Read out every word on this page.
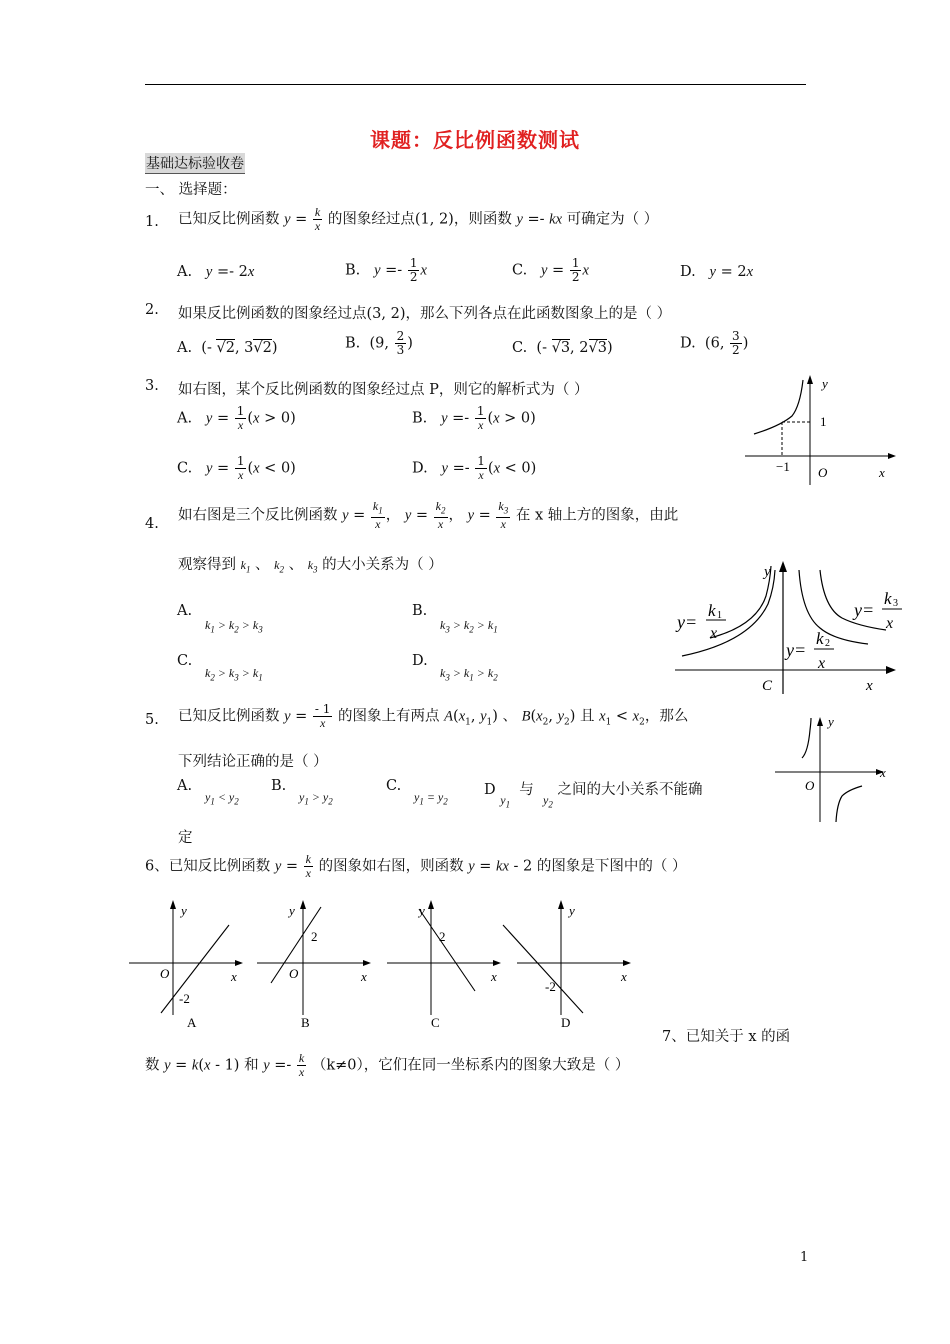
课题：反比例函数测试
基础达标验收卷
一、 选择题：
1. 已知反比例函数 $y = \frac{k}{x}$ 的图象经过点(1, 2)，则函数 y =- kx 可确定为（ ）
A. y =- 2x	B. $y =- \frac{1}{2}$ x	C. $y = \frac{1}{2}$ x	D. y = 2x
2. 如果反比例函数的图象经过点(3, 2)，那么下列各点在此函数图象上的是（ ）
A.  (- √2, 3√2)	B.  (9, $\frac{2}{3}$ )	C.  (- √3, 2√3)	D.  (6, $\frac{3}{2}$ )
3. 如右图，某个反比例函数的图象经过点 P，则它的解析式为（ ）
A. $y = \frac{1}{x} (x > 0)$	B. $y =- \frac{1}{x} (x > 0)$
C. $y = \frac{1}{x} (x < 0)$	D. $y =- \frac{1}{x} (x < 0)$
y
1
−1 O	x
4.
如右图是三个反比例函数 $y = \frac{k_1}{x}$ ， $y = \frac{k_2}{x}$ ， $y = \frac{k_3}{x}$ 在 x 轴上方的图象，由此
观察得到 $k_1$ 、 $k_2$ 、 $k_3$ 的大小关系为（ ）
A.
$k_1 > k_2 > k_3$
B.
$k_3 > k_2 > k_1$
C.
$k_2 > k_3 > k_1$
D.
$k_3 > k_1 > k_2$
y
y=
k 1
x
y=
k 2
x
y=
k 3
x
C	x
5. 已知反比例函数 $y = \frac{- 1}{x}$ 的图象上有两点 $A(x_1$, $y_1$) 、 $B(x_2$, $y_2$) 且 $x_1 < x_2$，那么
下列结论正确的是（ ）
A.
$y_1 < y_2$
B.
$y_1 > y_2$
C.
$y_1 = y_2$
D $_{y_1}$  与  $_{y_2}$ 之间的大小关系不能确
定
y
x
O
6、已知反比例函数 $y = \frac{k}{x}$ 的图象如右图，则函数 y = kx - 2 的图象是下图中的（ ）
y
O	x
-2
A
y
O	x
2
B
y
x
2
C
y
x
-2
D
7、已知关于 x 的函
数 y = k(x - 1) 和 $y =- \frac{k}{x} (k\ne 0)$，它们在同一坐标系内的图象大致是（ ）
1
